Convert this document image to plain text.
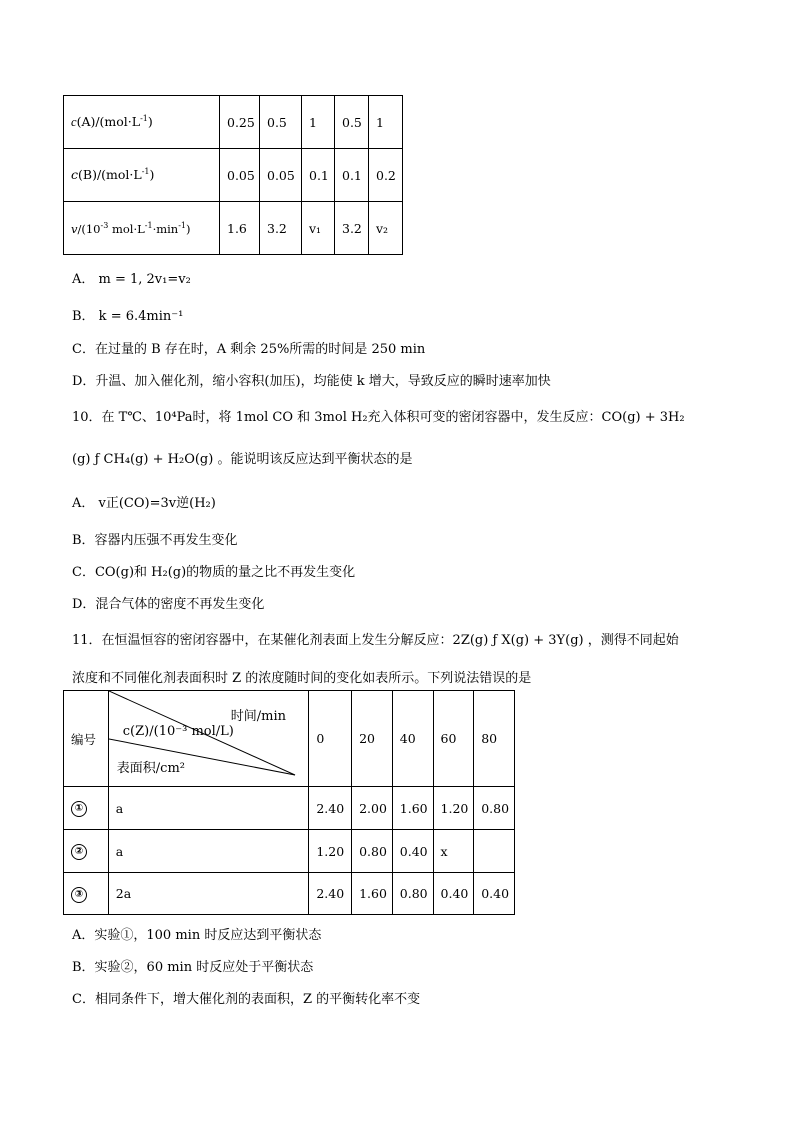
$c(A)/(mol\cdot L^{-1})$	0.25	0.5	1	0.5	1
$c(B)/(mol\cdot L^{-1})$	0.05	0.05	0.1	0.1	0.2
$v/(10^{-3}$ $mol\cdot L^{-1}\cdot\min^{-1}$)	1.6	3.2	v₁	3.2	v₂
A． m = 1, 2v₁=v₂
B． k = 6.4min⁻¹
C．在过量的 B 存在时，A 剩余 25%所需的时间是 250 min
D．升温、加入催化剂，缩小容积(加压)，均能使 k 增大，导致反应的瞬时速率加快
10．在 T℃、10⁴Pa时，将 1mol CO 和 3mol H₂充入体积可变的密闭容器中，发生反应：CO(g) + 3H₂
(g) ƒ CH₄(g) + H₂O(g) 。能说明该反应达到平衡状态的是
A． v正(CO)=3v逆(H₂)
B．容器内压强不再发生变化
C．CO(g)和 H₂(g)的物质的量之比不再发生变化
D．混合气体的密度不再发生变化
11．在恒温恒容的密闭容器中，在某催化剂表面上发生分解反应：2Z(g) ƒ X(g) + 3Y(g) ，测得不同起始
浓度和不同催化剂表面积时 Z 的浓度随时间的变化如表所示。下列说法错误的是
编号	时间/min
c(Z)/(10⁻³ mol/L)
表面积/cm²	0	20	40	60	80
①	a	2.40	2.00	1.60	1.20	0.80
②	a	1.20	0.80	0.40	x	
③	2a	2.40	1.60	0.80	0.40	0.40
A．实验①，100 min 时反应达到平衡状态
B．实验②，60 min 时反应处于平衡状态
C．相同条件下，增大催化剂的表面积，Z 的平衡转化率不变
